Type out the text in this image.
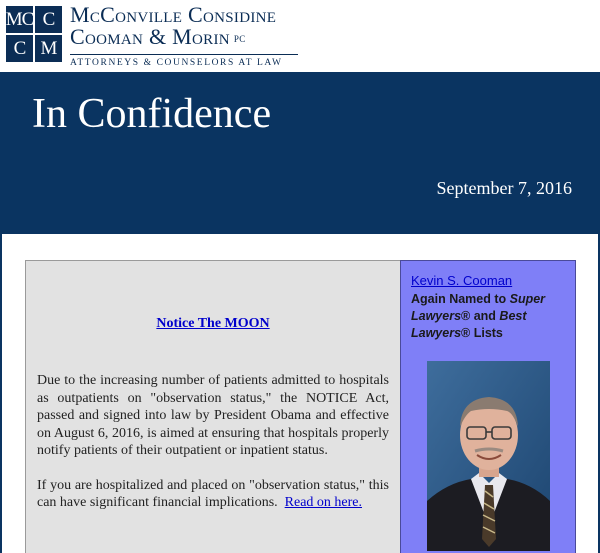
MC C
C M
McConville Considine
Cooman & Morin PC
ATTORNEYS & COUNSELORS AT LAW
In Confidence
September 7, 2016
Notice The MOON

Due to the increasing number of patients admitted to hospitals as outpatients on "observation status," the NOTICE Act, passed and signed into law by President Obama and effective on August 6, 2016, is aimed at ensuring that hospitals properly notify patients of their outpatient or inpatient status.

If you are hospitalized and placed on "observation status," this can have significant financial implications. Read on here.

Kevin S. Cooman
Again Named to Super Lawyers® and Best Lawyers® Lists
